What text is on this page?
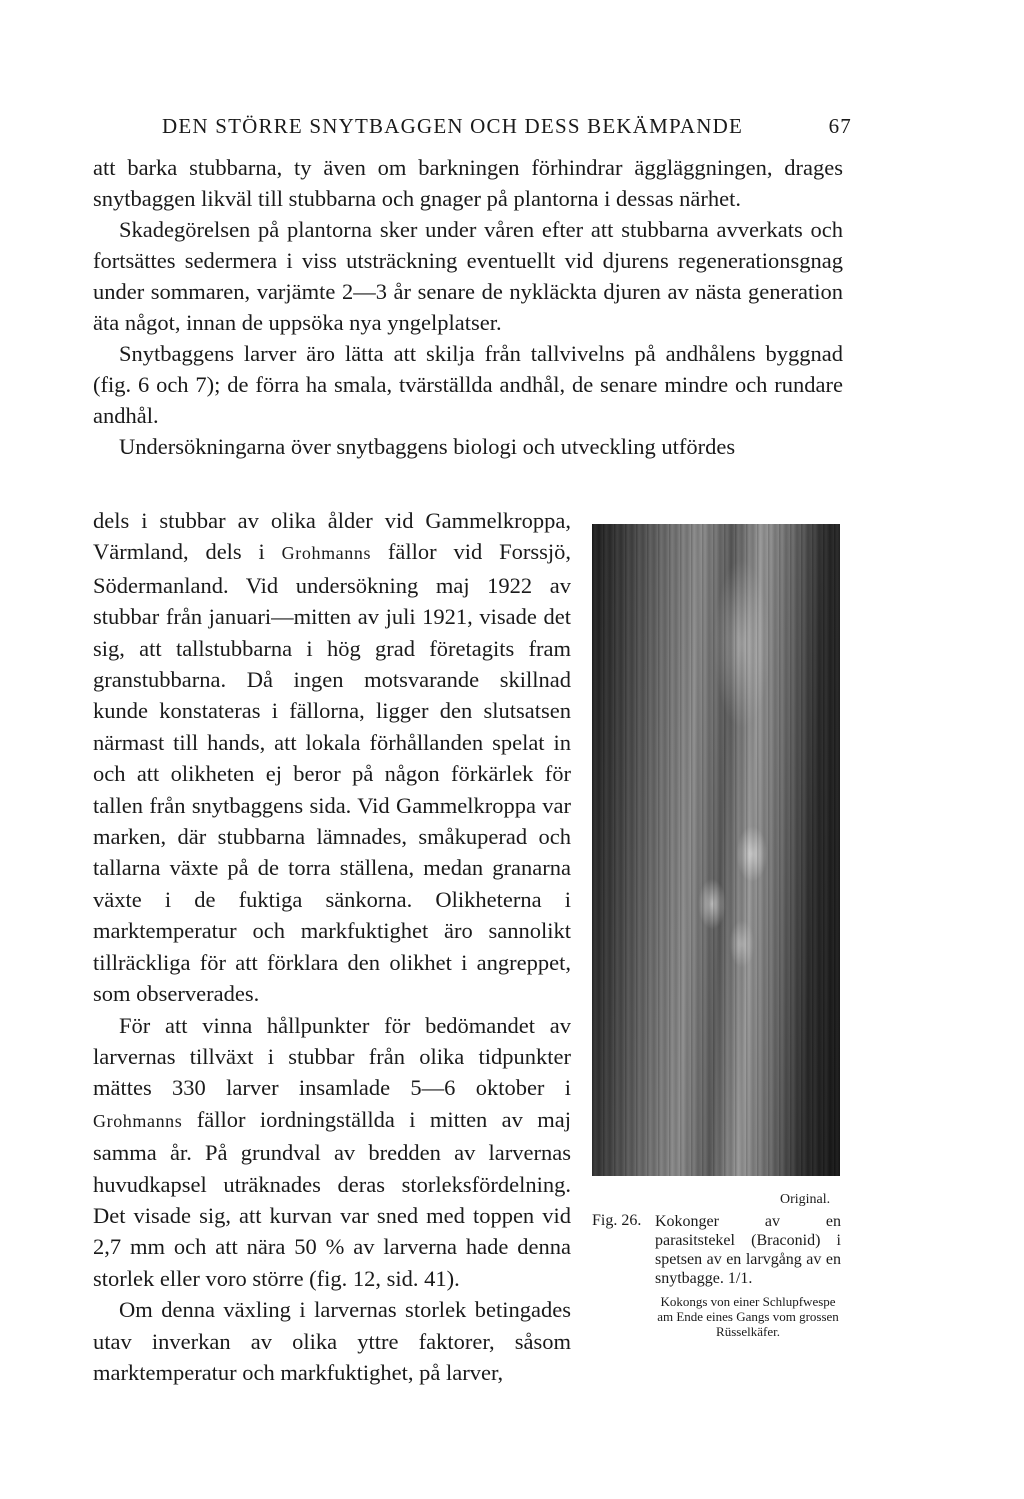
DEN STÖRRE SNYTBAGGEN OCH DESS BEKÄMPANDE	67

att barka stubbarna, ty även om barkningen förhindrar äggläggningen, drages snytbaggen likväl till stubbarna och gnager på plantorna i dessas närhet.

Skadegörelsen på plantorna sker under våren efter att stubbarna avverkats och fortsättes sedermera i viss utsträckning eventuellt vid djurens regenerationsgnag under sommaren, varjämte 2—3 år senare de nykläckta djuren av nästa generation äta något, innan de uppsöka nya yngelplatser.

Snytbaggens larver äro lätta att skilja från tallvivelns på andhålens byggnad (fig. 6 och 7); de förra ha smala, tvärställda andhål, de senare mindre och rundare andhål.

Undersökningarna över snytbaggens biologi och utveckling utfördes

dels i stubbar av olika ålder vid Gammelkroppa, Värmland, dels i Grohmanns fällor vid Forssjö, Södermanland. Vid undersökning maj 1922 av stubbar från januari—mitten av juli 1921, visade det sig, att tallstubbarna i hög grad företagits fram granstubbarna. Då ingen motsvarande skillnad kunde konstateras i fällorna, ligger den slutsatsen närmast till hands, att lokala förhållanden spelat in och att olikheten ej beror på någon förkärlek för tallen från snytbaggens sida. Vid Gammelkroppa var marken, där stubbarna lämnades, småkuperad och tallarna växte på de torra ställena, medan granarna växte i de fuktiga sänkorna. Olikheterna i marktemperatur och markfuktighet äro sannolikt tillräckliga för att förklara den olikhet i angreppet, som observerades.

För att vinna hållpunkter för bedömandet av larvernas tillväxt i stubbar från olika tidpunkter mättes 330 larver insamlade 5—6 oktober i Grohmanns fällor iordningställda i mitten av maj samma år. På grundval av bredden av larvernas huvudkapsel uträknades deras storleksfördelning. Det visade sig, att kurvan var sned med toppen vid 2,7 mm och att nära 50 % av larverna hade denna storlek eller voro större (fig. 12, sid. 41).

Om denna växling i larvernas storlek betingades utav inverkan av olika yttre faktorer, såsom marktemperatur och markfuktighet, på larver,

Original.
Fig. 26. Kokonger av en parasitstekel (Braconid) i spetsen av en larvgång av en snytbagge. 1/1.
Kokongs von einer Schlupfwespe am Ende eines Gangs vom grossen Rüsselkäfer.
